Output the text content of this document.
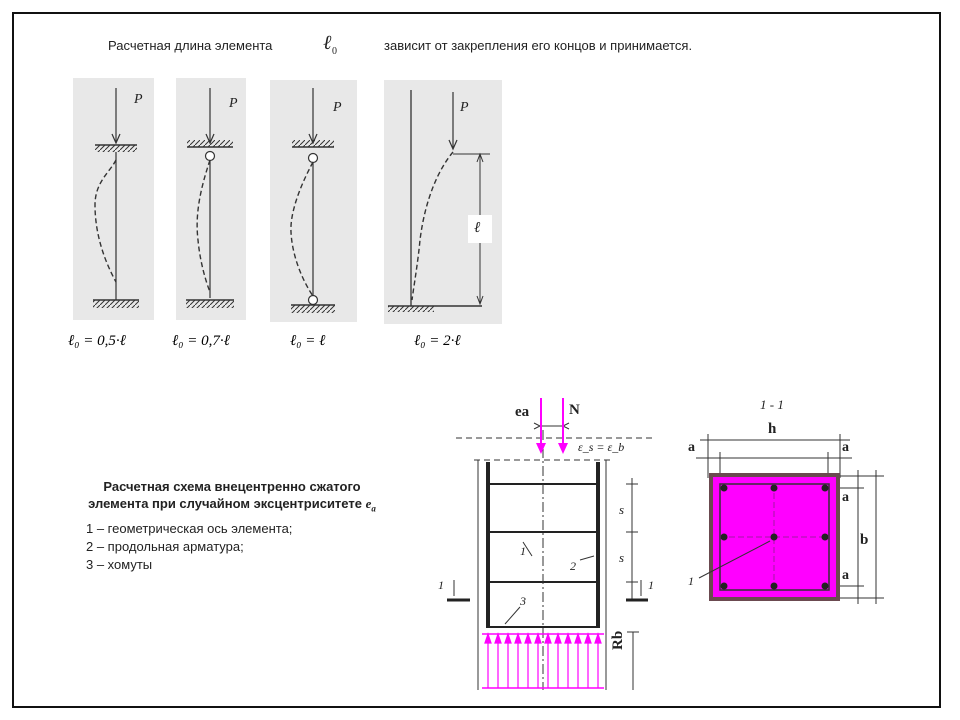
Расчетная длина элемента	ℓ 0	зависит от закрепления его концов и принимается.
P	P	P	P
ℓ
ℓ₀ = 0,5·ℓ	ℓ₀ = 0,7·ℓ	ℓ₀ = ℓ	ℓ₀ = 2·ℓ
Расчетная схема внецентренно сжатого
элемента при случайном эксцентриситете $e_a$
1 – геометрическая ось элемента;
2 – продольная арматура;
3 – хомуты
ea	N
ε_s = ε_b
s
s
1
2
3
1	1
Rb
1 - 1
h
a	a
b
a
a
1
